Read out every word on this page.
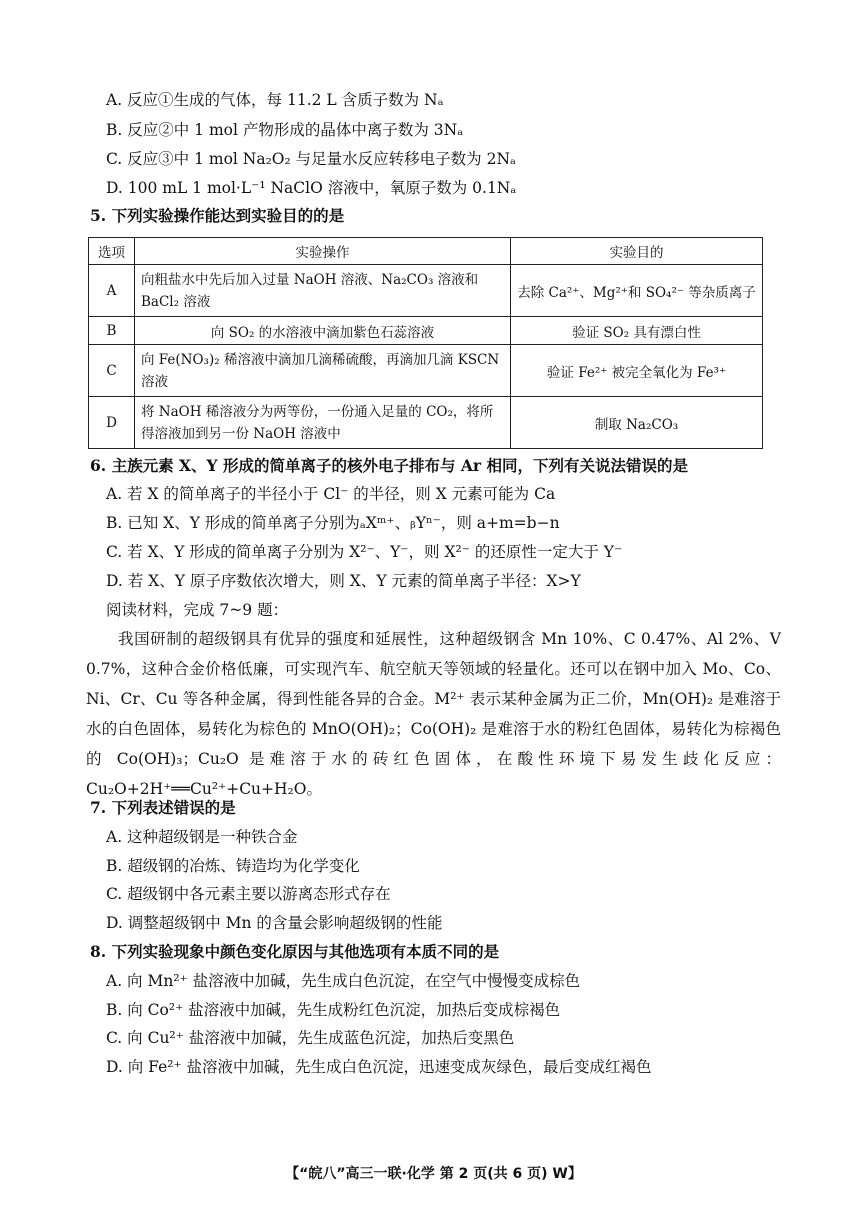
A. 反应①生成的气体，每 11.2 L 含质子数为 Nₐ
B. 反应②中 1 mol 产物形成的晶体中离子数为 3Nₐ
C. 反应③中 1 mol Na₂O₂ 与足量水反应转移电子数为 2Nₐ
D. 100 mL 1 mol·L⁻¹ NaClO 溶液中，氧原子数为 0.1Nₐ
5. 下列实验操作能达到实验目的的是
选项	实验操作	实验目的
A	向粗盐水中先后加入过量 NaOH 溶液、Na₂CO₃ 溶液和 BaCl₂ 溶液	去除 Ca²⁺、Mg²⁺和 SO₄²⁻ 等杂质离子
B	向 SO₂ 的水溶液中滴加紫色石蕊溶液	验证 SO₂ 具有漂白性
C	向 Fe(NO₃)₂ 稀溶液中滴加几滴稀硫酸，再滴加几滴 KSCN 溶液	验证 Fe²⁺ 被完全氧化为 Fe³⁺
D	将 NaOH 稀溶液分为两等份，一份通入足量的 CO₂，将所得溶液加到另一份 NaOH 溶液中	制取 Na₂CO₃
6. 主族元素 X、Y 形成的简单离子的核外电子排布与 Ar 相同，下列有关说法错误的是
A. 若 X 的简单离子的半径小于 Cl⁻ 的半径，则 X 元素可能为 Ca
B. 已知 X、Y 形成的简单离子分别为ₐXᵐ⁺、ᵦYⁿ⁻，则 a+m=b−n
C. 若 X、Y 形成的简单离子分别为 X²⁻、Y⁻，则 X²⁻ 的还原性一定大于 Y⁻
D. 若 X、Y 原子序数依次增大，则 X、Y 元素的简单离子半径：X>Y
阅读材料，完成 7~9 题：
我国研制的超级钢具有优异的强度和延展性，这种超级钢含 Mn 10%、C 0.47%、Al 2%、V 0.7%，这种合金价格低廉，可实现汽车、航空航天等领域的轻量化。还可以在钢中加入 Mo、Co、Ni、Cr、Cu 等各种金属，得到性能各异的合金。M²⁺ 表示某种金属为正二价，Mn(OH)₂ 是难溶于水的白色固体，易转化为棕色的 MnO(OH)₂；Co(OH)₂ 是难溶于水的粉红色固体，易转化为棕褐色的 Co(OH)₃；Cu₂O 是难溶于水的砖红色固体，在酸性环境下易发生歧化反应：Cu₂O+2H⁺══Cu²⁺+Cu+H₂O。
7. 下列表述错误的是
A. 这种超级钢是一种铁合金
B. 超级钢的冶炼、铸造均为化学变化
C. 超级钢中各元素主要以游离态形式存在
D. 调整超级钢中 Mn 的含量会影响超级钢的性能
8. 下列实验现象中颜色变化原因与其他选项有本质不同的是
A. 向 Mn²⁺ 盐溶液中加碱，先生成白色沉淀，在空气中慢慢变成棕色
B. 向 Co²⁺ 盐溶液中加碱，先生成粉红色沉淀，加热后变成棕褐色
C. 向 Cu²⁺ 盐溶液中加碱，先生成蓝色沉淀，加热后变黑色
D. 向 Fe²⁺ 盐溶液中加碱，先生成白色沉淀，迅速变成灰绿色，最后变成红褐色
【“皖八”高三一联·化学 第 2 页(共 6 页) W】
